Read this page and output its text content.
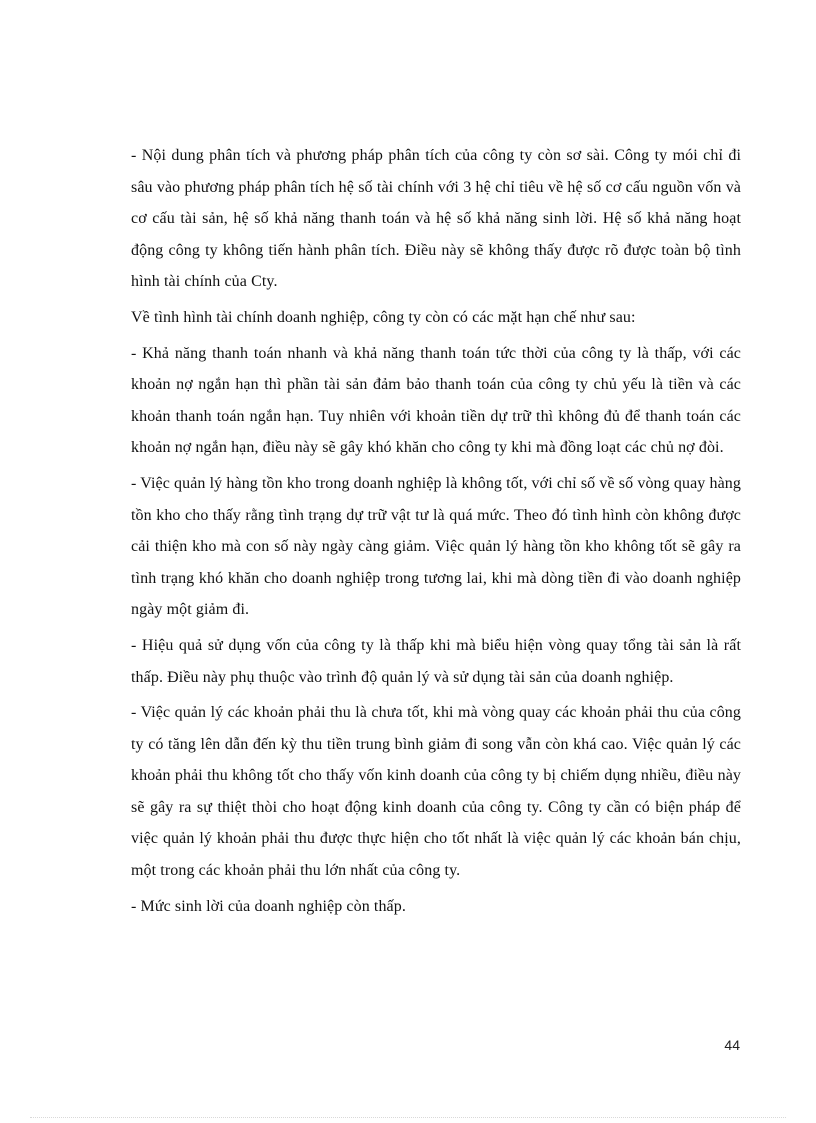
- Nội dung phân tích và phương pháp phân tích của công ty còn sơ sài. Công ty mói chỉ đi sâu vào phương pháp phân tích hệ số tài chính với 3 hệ chỉ tiêu về hệ số cơ cấu nguồn vốn và cơ cấu tài sản, hệ số khả năng thanh toán và hệ số khả năng sinh lời. Hệ số khả năng hoạt động công ty không tiến hành phân tích. Điều này sẽ không thấy được rõ được toàn bộ tình hình tài chính của Cty.

Về tình hình tài chính doanh nghiệp, công ty còn có các mặt hạn chế như sau:

- Khả năng thanh toán nhanh và khả năng thanh toán tức thời của công ty là thấp, với các khoản nợ ngắn hạn thì phần tài sản đảm bảo thanh toán của công ty chủ yếu là tiền và các khoản thanh toán ngắn hạn. Tuy nhiên với khoản tiền dự trữ thì không đủ để thanh toán các khoản nợ ngắn hạn, điều này sẽ gây khó khăn cho công ty khi mà đồng loạt các chủ nợ đòi.

- Việc quản lý hàng tồn kho trong doanh nghiệp là không tốt, với chỉ số về số vòng quay hàng tồn kho cho thấy rằng tình trạng dự trữ vật tư là quá mức. Theo đó tình hình còn không được cải thiện kho mà con số này ngày càng giảm. Việc quản lý hàng tồn kho không tốt sẽ gây ra tình trạng khó khăn cho doanh nghiệp trong tương lai, khi mà dòng tiền đi vào doanh nghiệp ngày một giảm đi.

- Hiệu quả sử dụng vốn của công ty là thấp khi mà biểu hiện vòng quay tổng tài sản là rất thấp. Điều này phụ thuộc vào trình độ quản lý và sử dụng tài sản của doanh nghiệp.

- Việc quản lý các khoản phải thu là chưa tốt, khi mà vòng quay các khoản phải thu của công ty có tăng lên dẫn đến kỳ thu tiền trung bình giảm đi song vẫn còn khá cao. Việc quản lý các khoản phải thu không tốt cho thấy vốn kinh doanh của công ty bị chiếm dụng nhiều, điều này sẽ gây ra sự thiệt thòi cho hoạt động kinh doanh của công ty. Công ty cần có biện pháp để việc quản lý khoản phải thu được thực hiện cho tốt nhất là việc quản lý các khoản bán chịu, một trong các khoản phải thu lớn nhất của công ty.

- Mức sinh lời của doanh nghiệp còn thấp.

44
